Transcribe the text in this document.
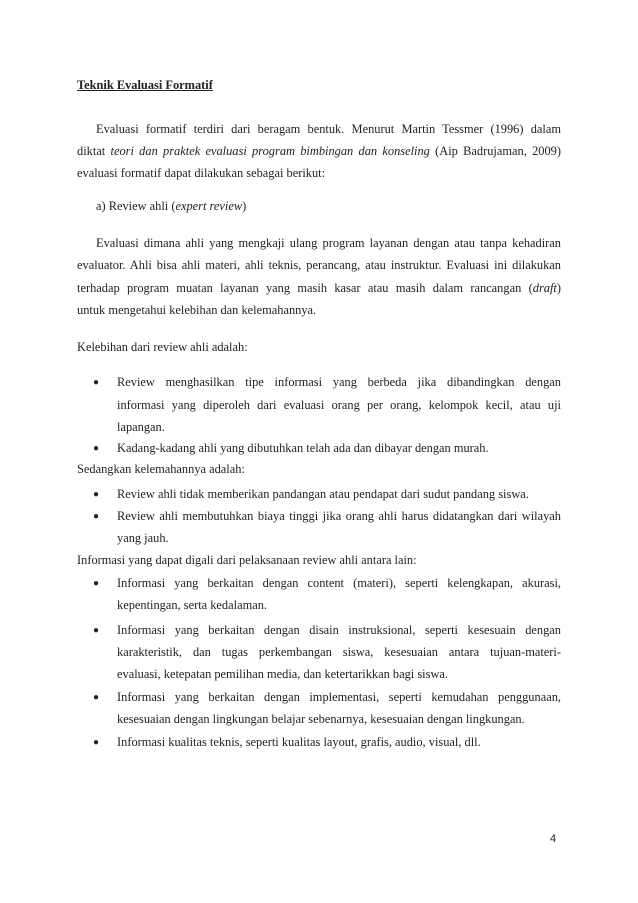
Teknik Evaluasi Formatif
Evaluasi formatif terdiri dari beragam bentuk. Menurut Martin Tessmer (1996) dalam
diktat teori dan praktek evaluasi program bimbingan dan konseling (Aip Badrujaman, 2009)
evaluasi formatif dapat dilakukan sebagai berikut:
a) Review ahli (expert review)
Evaluasi dimana ahli yang mengkaji ulang program layanan dengan atau tanpa kehadiran
evaluator. Ahli bisa ahli materi, ahli teknis, perancang, atau instruktur. Evaluasi ini dilakukan
terhadap program muatan layanan yang masih kasar atau masih dalam rancangan (draft)
untuk mengetahui kelebihan dan kelemahannya.
Kelebihan dari review ahli adalah:
● Review menghasilkan tipe informasi yang berbeda jika dibandingkan dengan
informasi yang diperoleh dari evaluasi orang per orang, kelompok kecil, atau uji
lapangan.
● Kadang-kadang ahli yang dibutuhkan telah ada dan dibayar dengan murah.
Sedangkan kelemahannya adalah:
● Review ahli tidak memberikan pandangan atau pendapat dari sudut pandang siswa.
● Review ahli membutuhkan biaya tinggi jika orang ahli harus didatangkan dari wilayah
yang jauh.
Informasi yang dapat digali dari pelaksanaan review ahli antara lain:
● Informasi yang berkaitan dengan content (materi), seperti kelengkapan, akurasi,
kepentingan, serta kedalaman.
● Informasi yang berkaitan dengan disain instruksional, seperti kesesuain dengan
karakteristik, dan tugas perkembangan siswa, kesesuaian antara tujuan-materi-
evaluasi, ketepatan pemilihan media, dan ketertarikkan bagi siswa.
● Informasi yang berkaitan dengan implementasi, seperti kemudahan penggunaan,
kesesuaian dengan lingkungan belajar sebenarnya, kesesuaian dengan lingkungan.
● Informasi kualitas teknis, seperti kualitas layout, grafis, audio, visual, dll.
4
